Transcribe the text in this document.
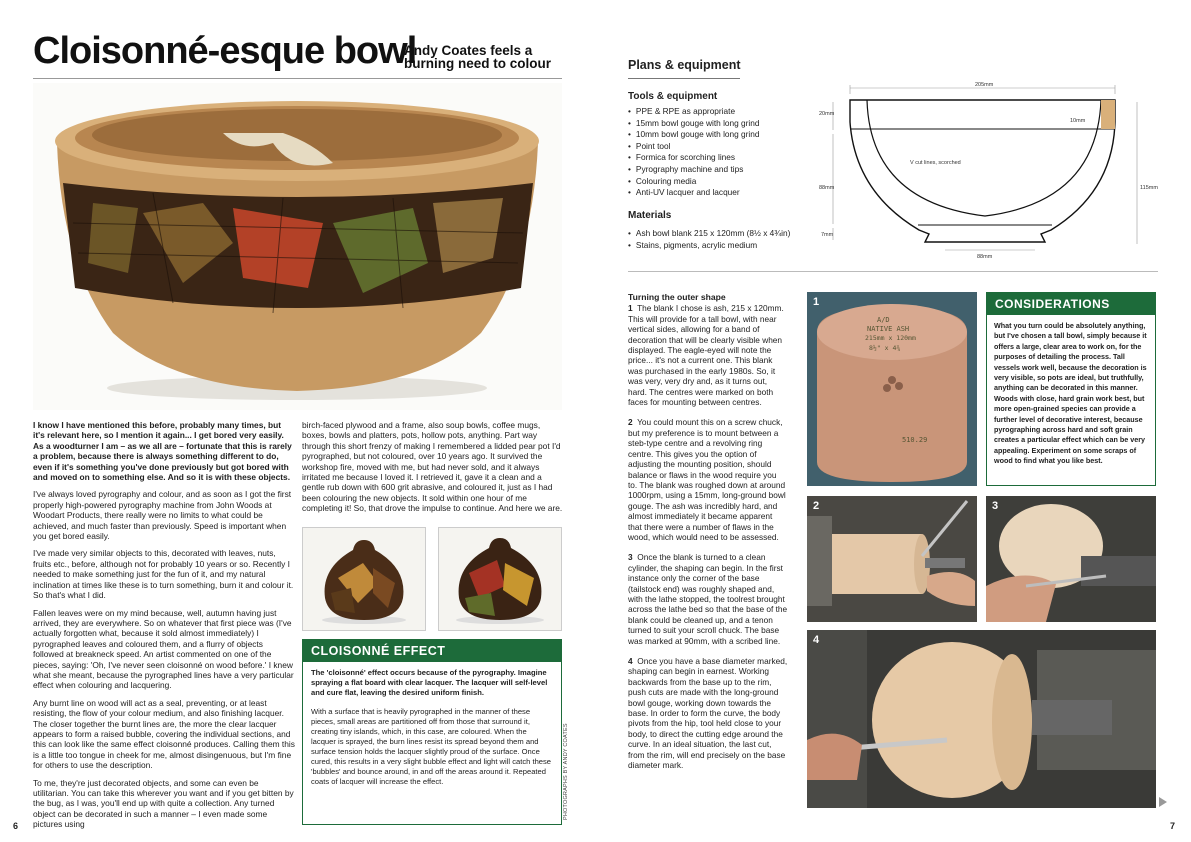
Cloisonné-esque bowl
Andy Coates feels a burning need to colour

I know I have mentioned this before, probably many times, but it's relevant here, so I mention it again... I get bored very easily. As a woodturner I am – as we all are – fortunate that this is rarely a problem, because there is always something different to do, even if it's something you've done previously but got bored with and moved on to something else. And so it is with these objects.

I've always loved pyrography and colour, and as soon as I got the first properly high-powered pyrography machine from John Woods at Woodart Products, there really were no limits to what could be achieved, and much faster than previously. Speed is important when you get bored easily.

I've made very similar objects to this, decorated with leaves, nuts, fruits etc., before, although not for probably 10 years or so. Recently I needed to make something just for the fun of it, and my natural inclination at times like these is to turn something, burn it and colour it. So that's what I did.

Fallen leaves were on my mind because, well, autumn having just arrived, they are everywhere. So on whatever that first piece was (I've actually forgotten what, because it sold almost immediately) I pyrographed leaves and coloured them, and a flurry of objects followed at breakneck speed. An artist commented on one of the pieces, saying: 'Oh, I've never seen cloisonné on wood before.' I knew what she meant, because the pyrographed lines have a very particular effect when colouring and lacquering.

Any burnt line on wood will act as a seal, preventing, or at least resisting, the flow of your colour medium, and also finishing lacquer. The closer together the burnt lines are, the more the clear lacquer appears to form a raised bubble, covering the individual sections, and this can look like the same effect cloisonné produces. Calling them this is a little too tongue in cheek for me, almost disingenuous, but I'm fine for others to use the description.

To me, they're just decorated objects, and some can even be utilitarian. You can take this wherever you want and if you get bitten by the bug, as I was, you'll end up with quite a collection. Any turned object can be decorated in such a manner – I even made some pictures using

birch-faced plywood and a frame, also soup bowls, coffee mugs, boxes, bowls and platters, pots, hollow pots, anything. Part way through this short frenzy of making I remembered a lidded pear pot I'd pyrographed, but not coloured, over 10 years ago. It survived the workshop fire, moved with me, but had never sold, and it always irritated me because I loved it. I retrieved it, gave it a clean and a gentle rub down with 600 grit abrasive, and coloured it, just as I had been colouring the new objects. It sold within one hour of me completing it! So, that drove the impulse to continue. And here we are.

CLOISONNÉ EFFECT

The 'cloisonné' effect occurs because of the pyrography. Imagine spraying a flat board with clear lacquer. The lacquer will self-level and cure flat, leaving the desired uniform finish.

With a surface that is heavily pyrographed in the manner of these pieces, small areas are partitioned off from those that surround it, creating tiny islands, which, in this case, are coloured. When the lacquer is sprayed, the burn lines resist its spread beyond them and surface tension holds the lacquer slightly proud of the surface. Once cured, this results in a very slight bubble effect and light will catch these 'bubbles' and bounce around, in and off the areas around it. Repeated coats of lacquer will increase the effect.	PHOTOGRAPHS BY ANDY COATES
6
Plans & equipment
Tools & equipment
• PPE & RPE as appropriate
• 15mm bowl gouge with long grind
• 10mm bowl gouge with long grind
• Point tool
• Formica for scorching lines
• Pyrography machine and tips
• Colouring media
• Anti-UV lacquer and lacquer
Materials
• Ash bowl blank 215 x 120mm (8½ x 4¾in)
• Stains, pigments, acrylic medium
205mm
20mm
10mm
V cut lines, scorched
88mm	115mm
7mm
88mm
Turning the outer shape

1 The blank I chose is ash, 215 x 120mm. This will provide for a tall bowl, with near vertical sides, allowing for a band of decoration that will be clearly visible when displayed. The eagle-eyed will note the price... it's not a current one. This blank was purchased in the early 1980s. So, it was very, very dry and, as it turns out, hard. The centres were marked on both faces for mounting between centres.

2 You could mount this on a screw chuck, but my preference is to mount between a steb-type centre and a revolving ring centre. This gives you the option of adjusting the mounting position, should balance or flaws in the wood require you to. The blank was roughed down at around 1000rpm, using a 15mm, long-ground bowl gouge. The ash was incredibly hard, and almost immediately it became apparent that there were a number of flaws in the wood, which would need to be assessed.

3 Once the blank is turned to a clean cylinder, the shaping can begin. In the first instance only the corner of the base (tailstock end) was roughly shaped and, with the lathe stopped, the toolrest brought across the lathe bed so that the base of the blank could be cleaned up, and a tenon turned to suit your scroll chuck. The base was marked at 90mm, with a scribed line.

4 Once you have a base diameter marked, shaping can begin in earnest. Working backwards from the base up to the rim, push cuts are made with the long-ground bowl gouge, working down towards the base. In order to form the curve, the body pivots from the hip, tool held close to your body, to direct the cutting edge around the curve. In an ideal situation, the last cut, from the rim, will end precisely on the base diameter mark.

A/D
NATIVE ASH
215mm x 120mm
8½" x 4¾
510.29
1	CONSIDERATIONS
What you turn could be absolutely anything, but I've chosen a tall bowl, simply because it offers a large, clear area to work on, for the purposes of detailing the process. Tall vessels work well, because the decoration is very visible, so pots are ideal, but truthfully, anything can be decorated in this manner. Woods with close, hard grain work best, but more open-grained species can provide a further level of decorative interest, because pyrographing across hard and soft grain creates a particular effect which can be very appealing. Experiment on some scraps of wood to find what you like best.
2	3
4
7
